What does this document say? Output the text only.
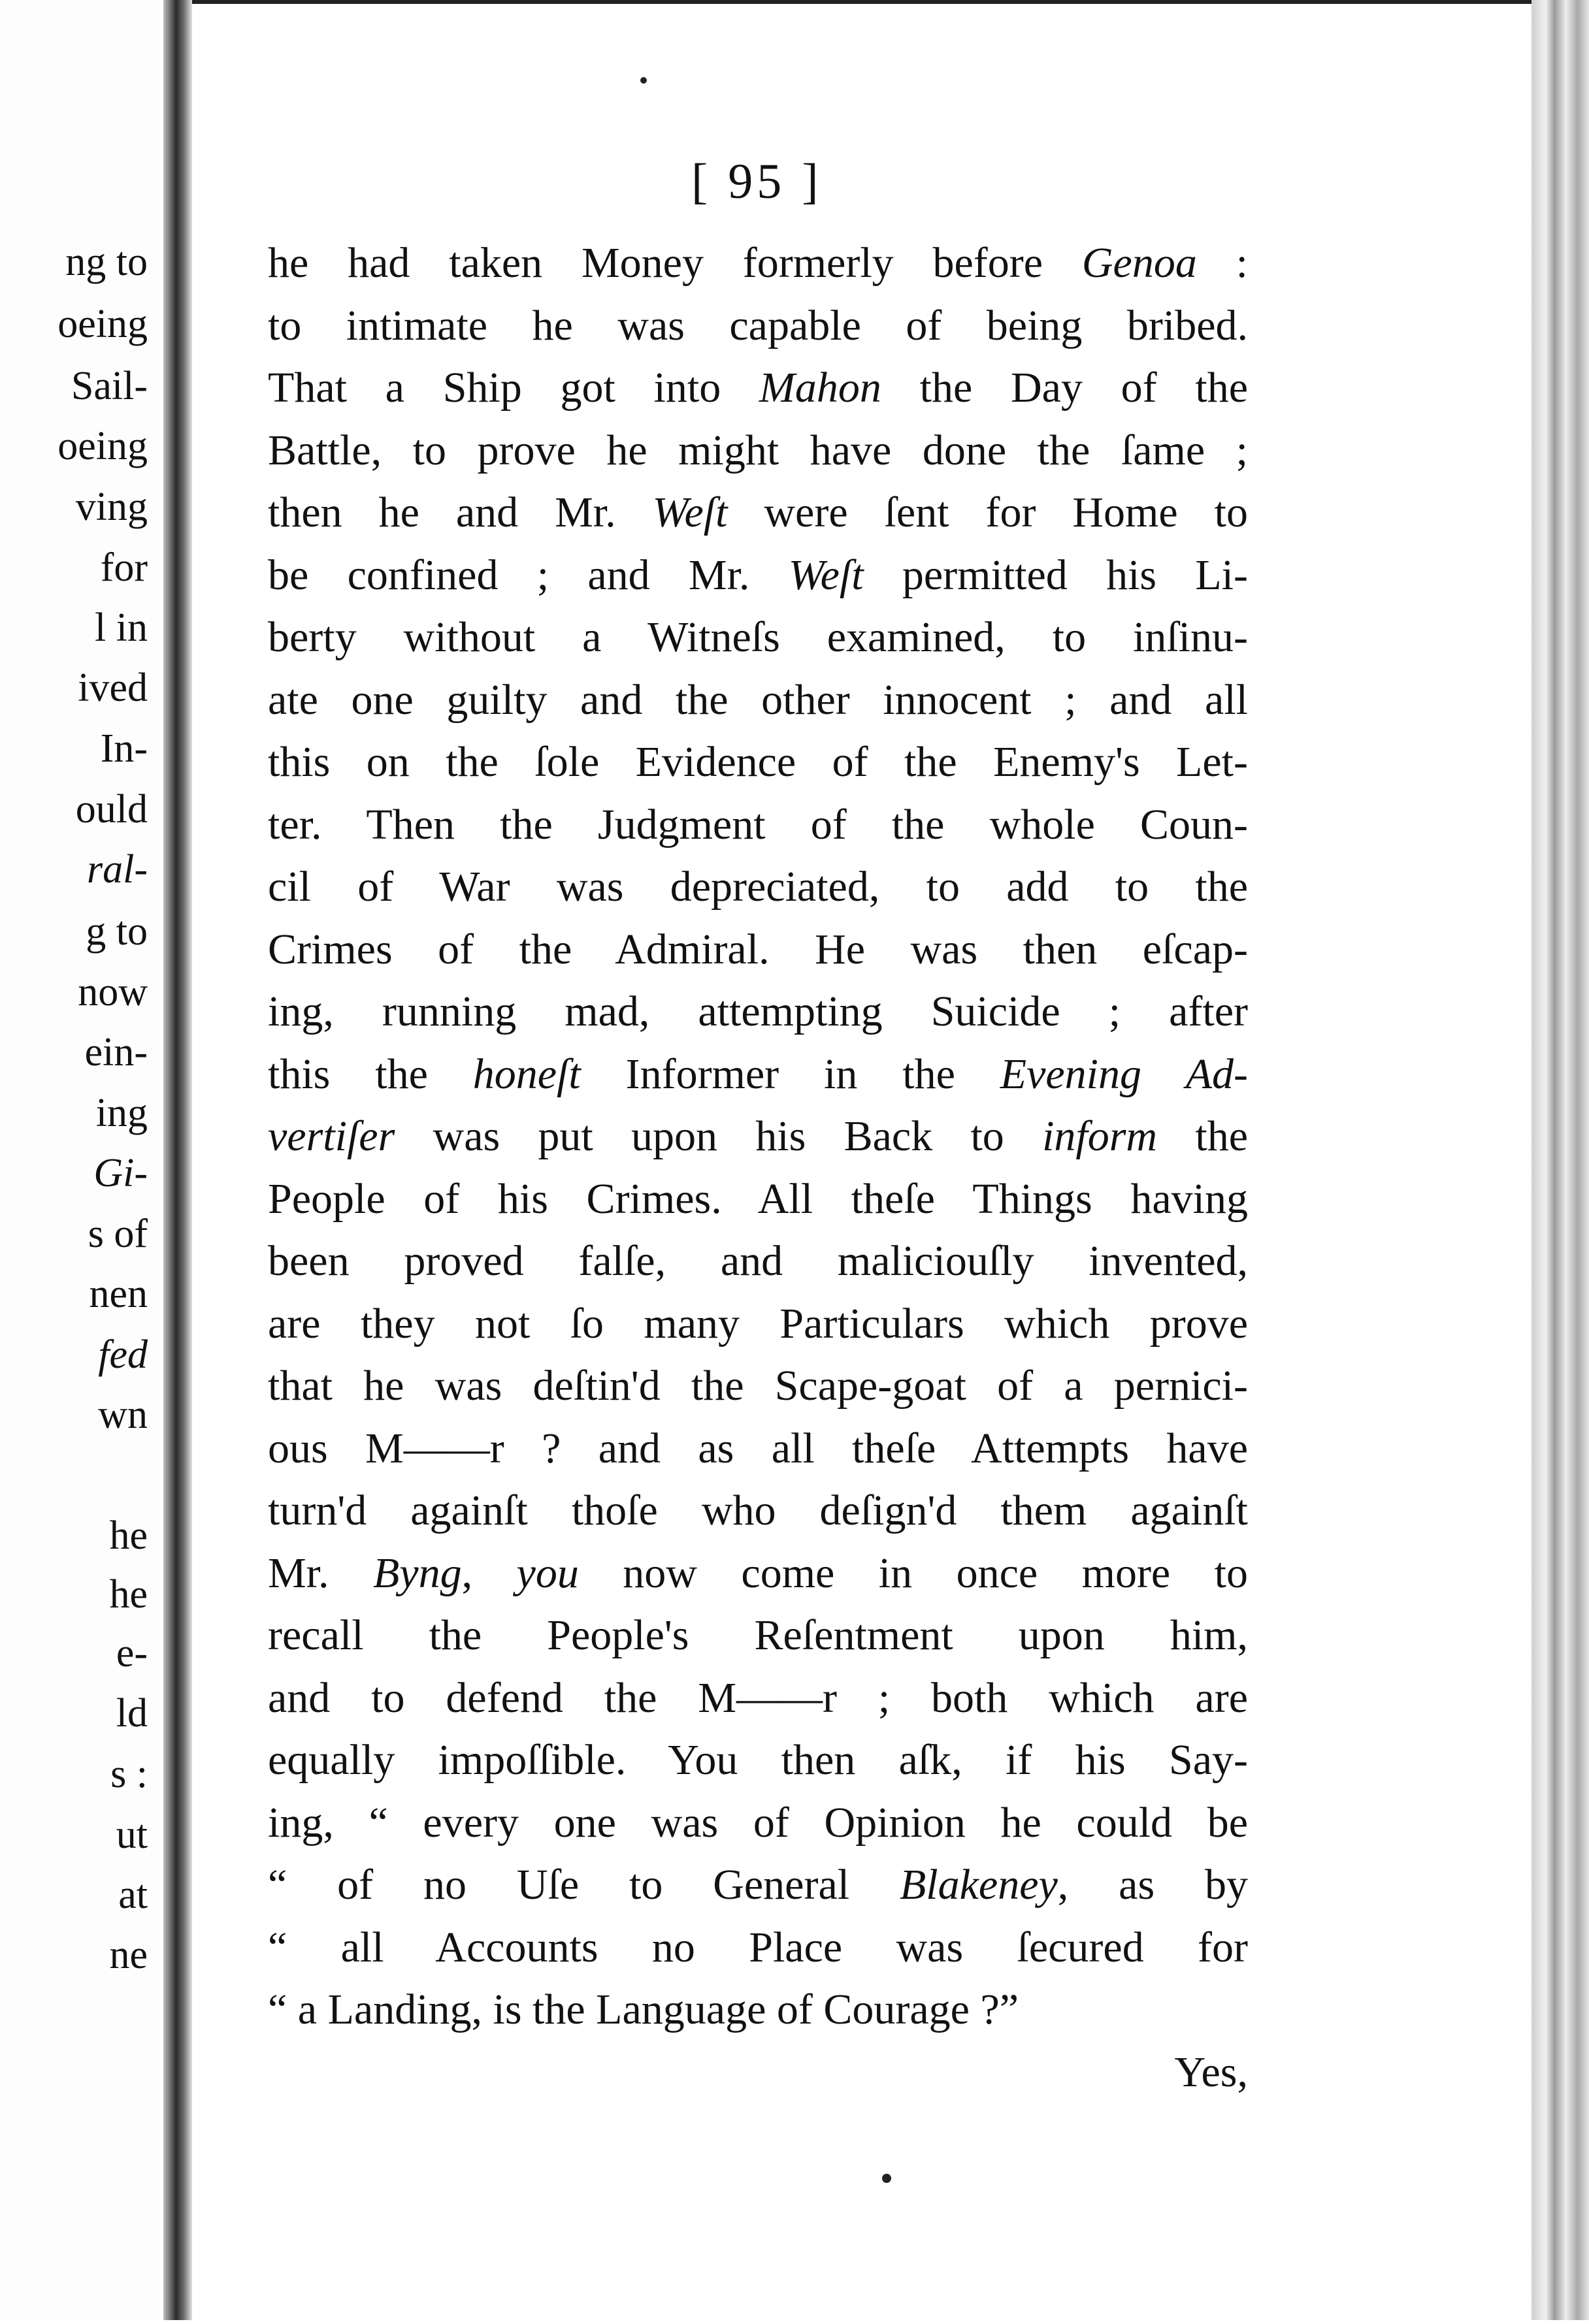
ng to
oeing
Sail-
oeing
ving
for
l in
ived
In-
ould
ral-
g to
now
ein-
ing
Gi-
s of
nen
fed
wn
he
he
e-
ld
s :
ut
at
ne
[ 95 ]
he had taken Money formerly before Genoa :
to intimate he was capable of being bribed.
That a Ship got into Mahon the Day of the
Battle, to prove he might have done the ſame ;
then he and Mr. Weſt were ſent for Home to
be confined ; and Mr. Weſt permitted his Li-
berty without a Witneſs examined, to inſinu-
ate one guilty and the other innocent ; and all
this on the ſole Evidence of the Enemy's Let-
ter. Then the Judgment of the whole Coun-
cil of War was depreciated, to add to the
Crimes of the Admiral. He was then eſcap-
ing, running mad, attempting Suicide ; after
this the honeſt Informer in the Evening Ad-
vertiſer was put upon his Back to inform the
People of his Crimes. All theſe Things having
been proved falſe, and maliciouſly invented,
are they not ſo many Particulars which prove
that he was deſtin'd the Scape-goat of a pernici-
ous M——r ? and as all theſe Attempts have
turn'd againſt thoſe who deſign'd them againſt
Mr. Byng, you now come in once more to
recall the People's Reſentment upon him,
and to defend the M——r ; both which are
equally impoſſible. You then aſk, if his Say-
ing, “ every one was of Opinion he could be
“ of no Uſe to General Blakeney, as by
“ all Accounts no Place was ſecured for
“ a Landing, is the Language of Courage ?”
Yes,
